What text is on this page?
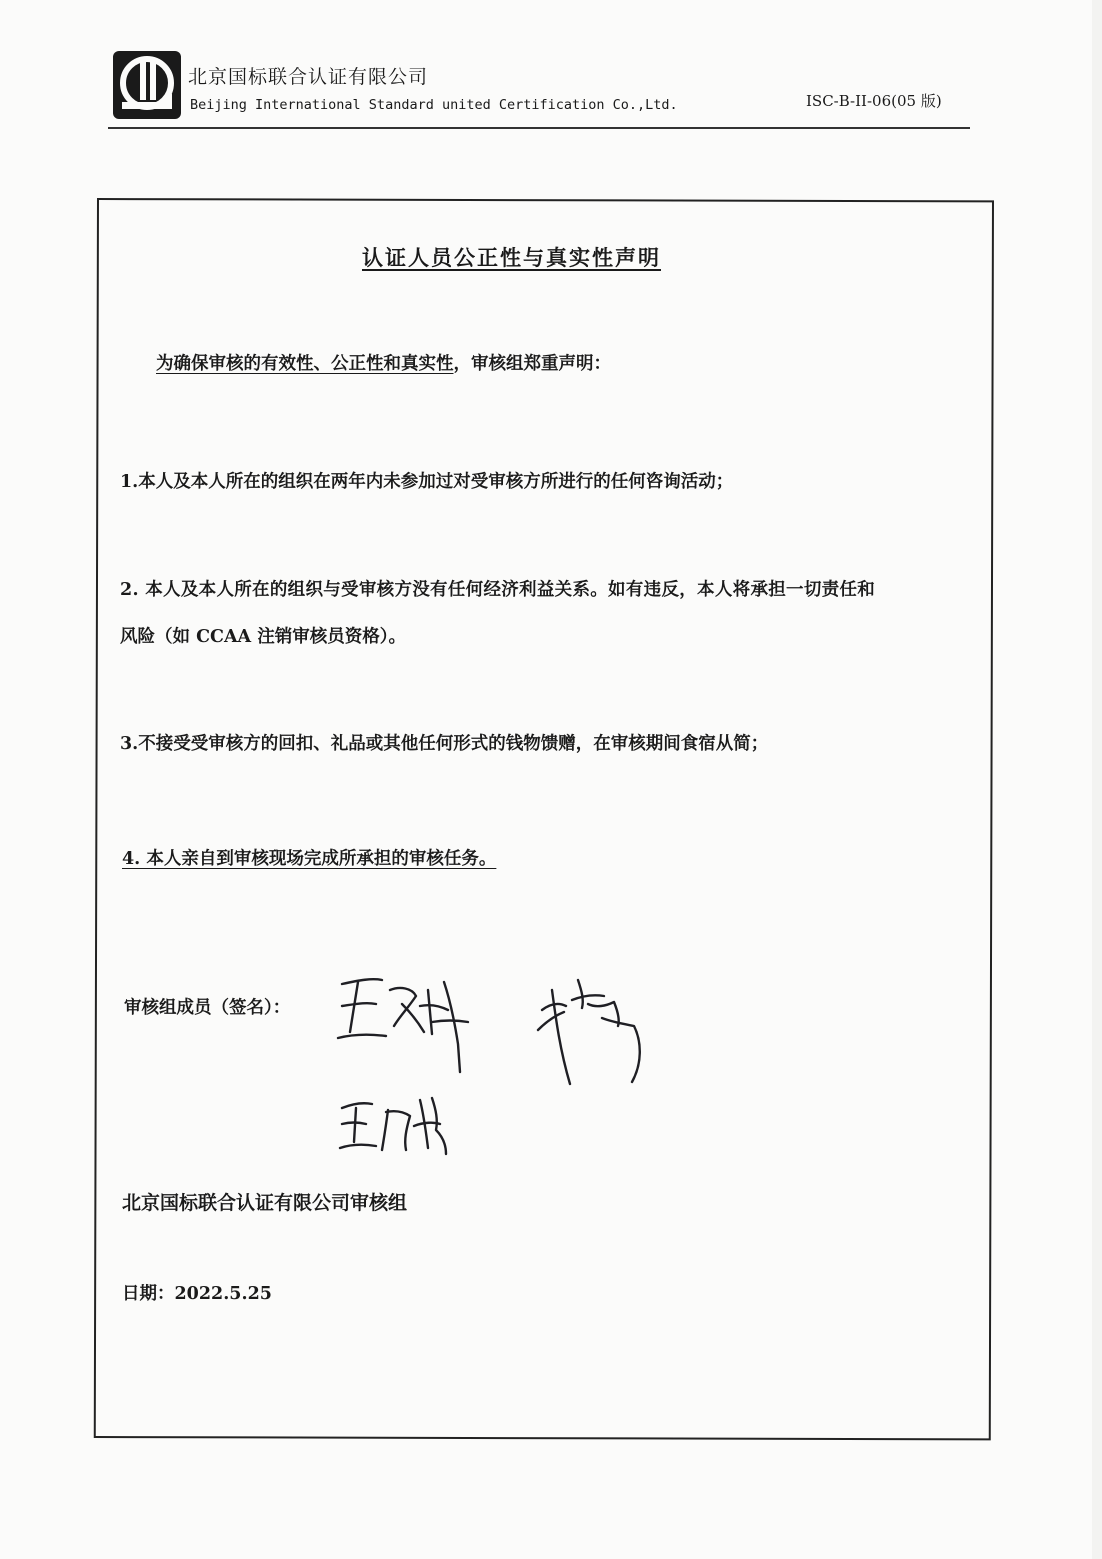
北京国标联合认证有限公司
Beijing International Standard united Certification Co.,Ltd.	ISC-B-II-06(05 版)
认证人员公正性与真实性声明
为确保审核的有效性、公正性和真实性，审核组郑重声明：
1.本人及本人所在的组织在两年内未参加过对受审核方所进行的任何咨询活动；
2. 本人及本人所在的组织与受审核方没有任何经济利益关系。如有违反，本人将承担一切责任和
风险（如 CCAA 注销审核员资格）。
3.不接受受审核方的回扣、礼品或其他任何形式的钱物馈赠，在审核期间食宿从简；
4. 本人亲自到审核现场完成所承担的审核任务。
审核组成员（签名）：
北京国标联合认证有限公司审核组
日期：2022.5.25
